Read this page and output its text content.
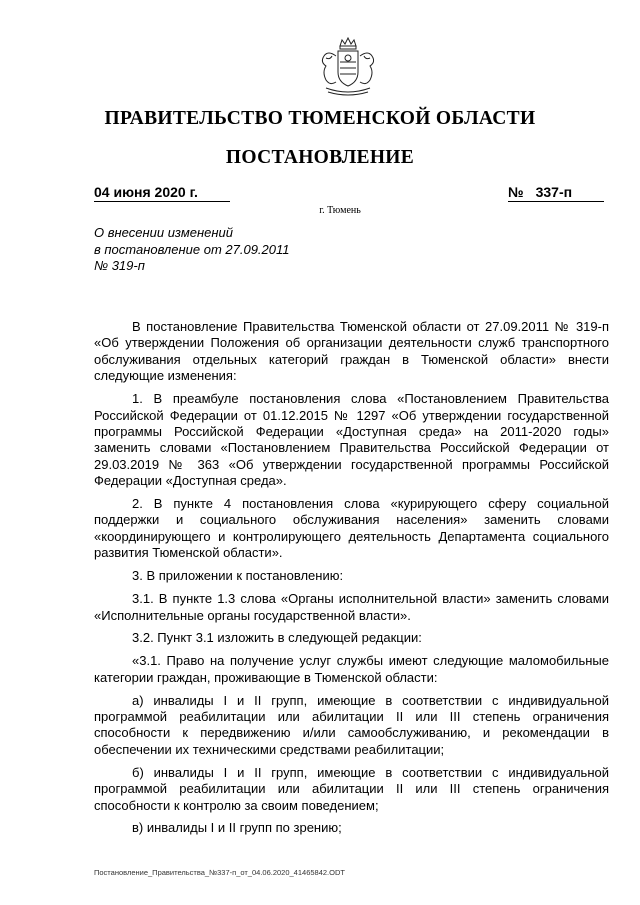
ПРАВИТЕЛЬСТВО ТЮМЕНСКОЙ ОБЛАСТИ
ПОСТАНОВЛЕНИЕ
04 июня 2020 г.	№ 337-п
г. Тюмень
О внесении изменений
в постановление от 27.09.2011
№ 319-п

В постановление Правительства Тюменской области от 27.09.2011 № 319-п «Об утверждении Положения об организации деятельности служб транспортного обслуживания отдельных категорий граждан в Тюменской области» внести следующие изменения:

1. В преамбуле постановления слова «Постановлением Правительства Российской Федерации от 01.12.2015 № 1297 «Об утверждении государственной программы Российской Федерации «Доступная среда» на 2011-2020 годы» заменить словами «Постановлением Правительства Российской Федерации от 29.03.2019 № 363 «Об утверждении государственной программы Российской Федерации «Доступная среда».

2. В пункте 4 постановления слова «курирующего сферу социальной поддержки и социального обслуживания населения» заменить словами «координирующего и контролирующего деятельность Департамента социального развития Тюменской области».

3. В приложении к постановлению:

3.1. В пункте 1.3 слова «Органы исполнительной власти» заменить словами «Исполнительные органы государственной власти».

3.2. Пункт 3.1 изложить в следующей редакции:

«3.1. Право на получение услуг службы имеют следующие маломобильные категории граждан, проживающие в Тюменской области:

а) инвалиды I и II групп, имеющие в соответствии с индивидуальной программой реабилитации или абилитации II или III степень ограничения способности к передвижению и/или самообслуживанию, и рекомендации в обеспечении их техническими средствами реабилитации;

б) инвалиды I и II групп, имеющие в соответствии с индивидуальной программой реабилитации или абилитации II или III степень ограничения способности к контролю за своим поведением;

в) инвалиды I и II групп по зрению;

Постановление_Правительства_№337-п_от_04.06.2020_41465842.ODT
